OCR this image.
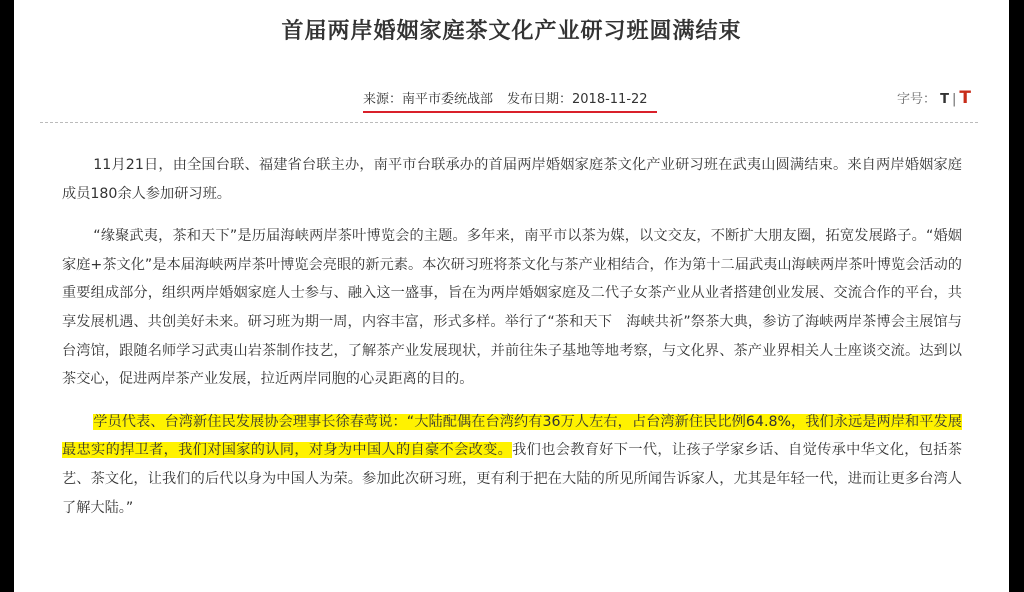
首届两岸婚姻家庭茶文化产业研习班圆满结束
来源：南平市委统战部 发布日期：2018-11-22	字号： T | T

11月21日，由全国台联、福建省台联主办，南平市台联承办的首届两岸婚姻家庭茶文化产业研习班在武夷山圆满结束。来自两岸婚姻家庭成员180余人参加研习班。

“缘聚武夷，茶和天下”是历届海峡两岸茶叶博览会的主题。多年来，南平市以茶为媒，以文交友，不断扩大朋友圈，拓宽发展路子。“婚姻家庭+茶文化”是本届海峡两岸茶叶博览会亮眼的新元素。本次研习班将茶文化与茶产业相结合，作为第十二届武夷山海峡两岸茶叶博览会活动的重要组成部分，组织两岸婚姻家庭人士参与、融入这一盛事，旨在为两岸婚姻家庭及二代子女茶产业从业者搭建创业发展、交流合作的平台，共享发展机遇、共创美好未来。研习班为期一周，内容丰富，形式多样。举行了“茶和天下　海峡共祈”祭茶大典，参访了海峡两岸茶博会主展馆与台湾馆，跟随名师学习武夷山岩茶制作技艺，了解茶产业发展现状，并前往朱子基地等地考察，与文化界、茶产业界相关人士座谈交流。达到以茶交心，促进两岸茶产业发展，拉近两岸同胞的心灵距离的目的。

学员代表、台湾新住民发展协会理事长徐春莺说：“大陆配偶在台湾约有36万人左右，占台湾新住民比例64.8%，我们永远是两岸和平发展最忠实的捍卫者，我们对国家的认同，对身为中国人的自豪不会改变。我们也会教育好下一代，让孩子学家乡话、自觉传承中华文化，包括茶艺、茶文化，让我们的后代以身为中国人为荣。参加此次研习班，更有利于把在大陆的所见所闻告诉家人，尤其是年轻一代，进而让更多台湾人了解大陆。”
